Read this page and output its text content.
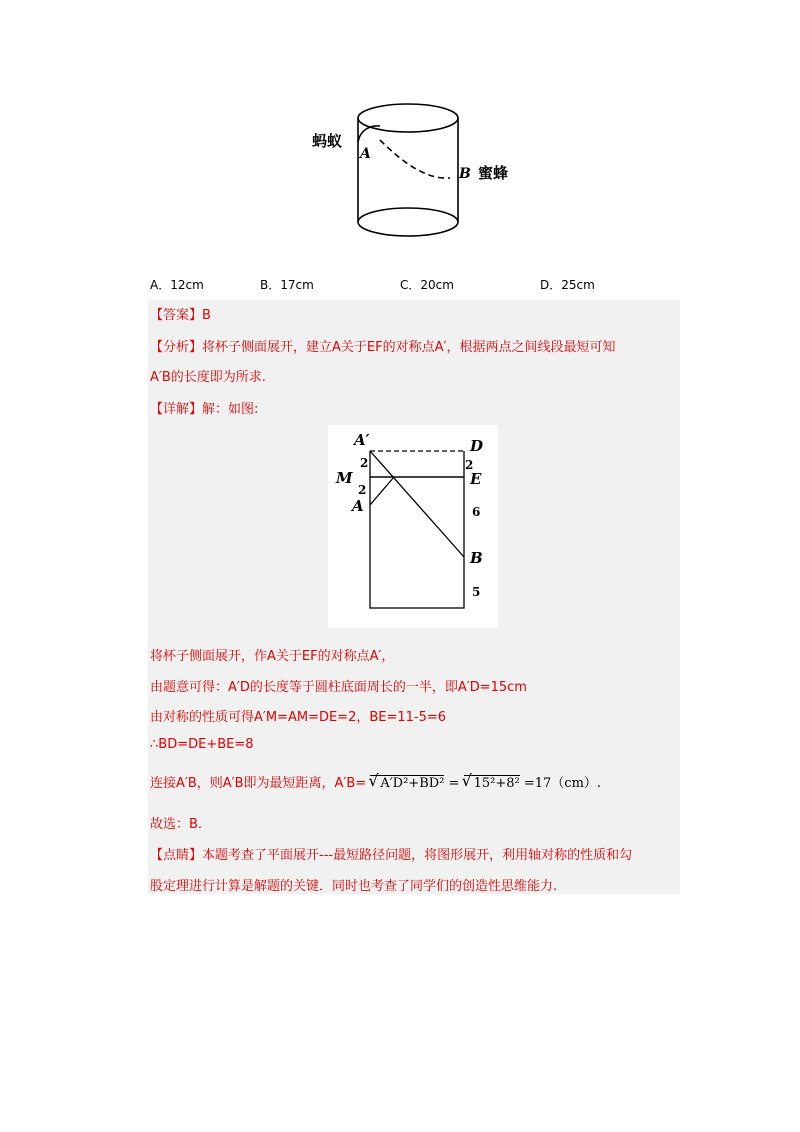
蚂蚁
A
B 蜜蜂
A．12cm	B．17cm	C．20cm	D．25cm
【答案】B
【分析】将杯子侧面展开，建立A关于EF的对称点A′，根据两点之间线段最短可知
A′B的长度即为所求.
【详解】解：如图:
A′	D
M	E
A
B
2	2
2
6
5
将杯子侧面展开，作A关于EF的对称点A′，
由题意可得：A′D的长度等于圆柱底面周长的一半，即A′D=15cm
由对称的性质可得A′M=AM=DE=2，BE=11-5=6
∴BD=DE+BE=8
连接A′B，则A′B即为最短距离，A′B= √ A′D²+BD² = √ 15²+8² =17（cm）.
故选：B.
【点睛】本题考查了平面展开---最短路径问题，将图形展开，利用轴对称的性质和勾
股定理进行计算是解题的关键．同时也考查了同学们的创造性思维能力.
